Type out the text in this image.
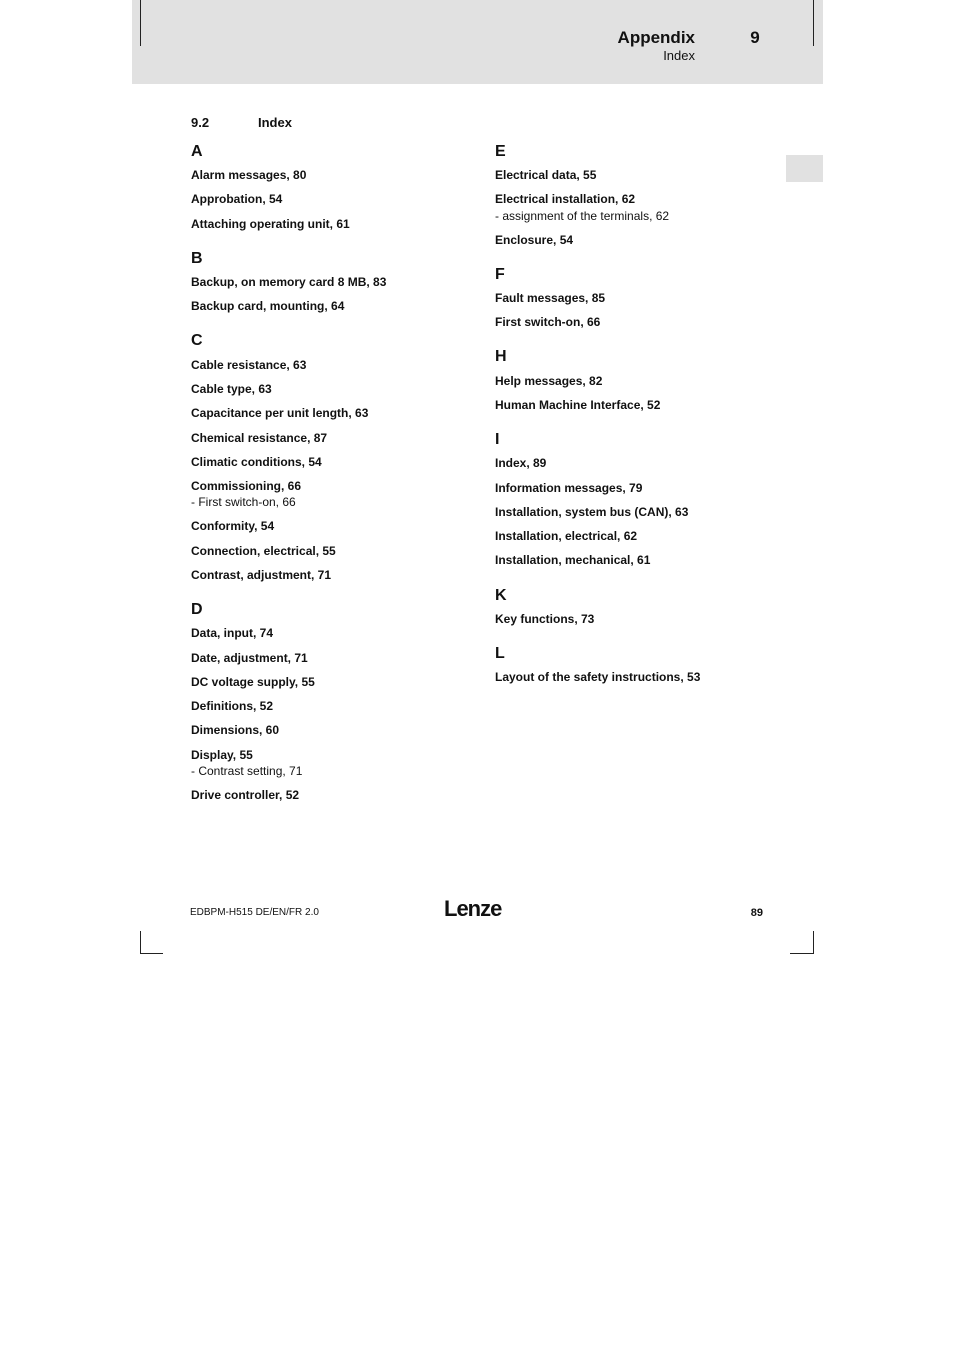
Appendix	9
Index
9.2	Index
A
Alarm messages, 80
Approbation, 54
Attaching operating unit, 61
B
Backup, on memory card 8 MB, 83
Backup card, mounting, 64
C
Cable resistance, 63
Cable type, 63
Capacitance per unit length, 63
Chemical resistance, 87
Climatic conditions, 54
Commissioning, 66
- First switch-on, 66
Conformity, 54
Connection, electrical, 55
Contrast, adjustment, 71
D
Data, input, 74
Date, adjustment, 71
DC voltage supply, 55
Definitions, 52
Dimensions, 60
Display, 55
- Contrast setting, 71
Drive controller, 52
E
Electrical data, 55
Electrical installation, 62
- assignment of the terminals, 62
Enclosure, 54
F
Fault messages, 85
First switch-on, 66
H
Help messages, 82
Human Machine Interface, 52
I
Index, 89
Information messages, 79
Installation, system bus (CAN), 63
Installation, electrical, 62
Installation, mechanical, 61
K
Key functions, 73
L
Layout of the safety instructions, 53
EDBPM-H515 DE/EN/FR 2.0	Lenze	89
